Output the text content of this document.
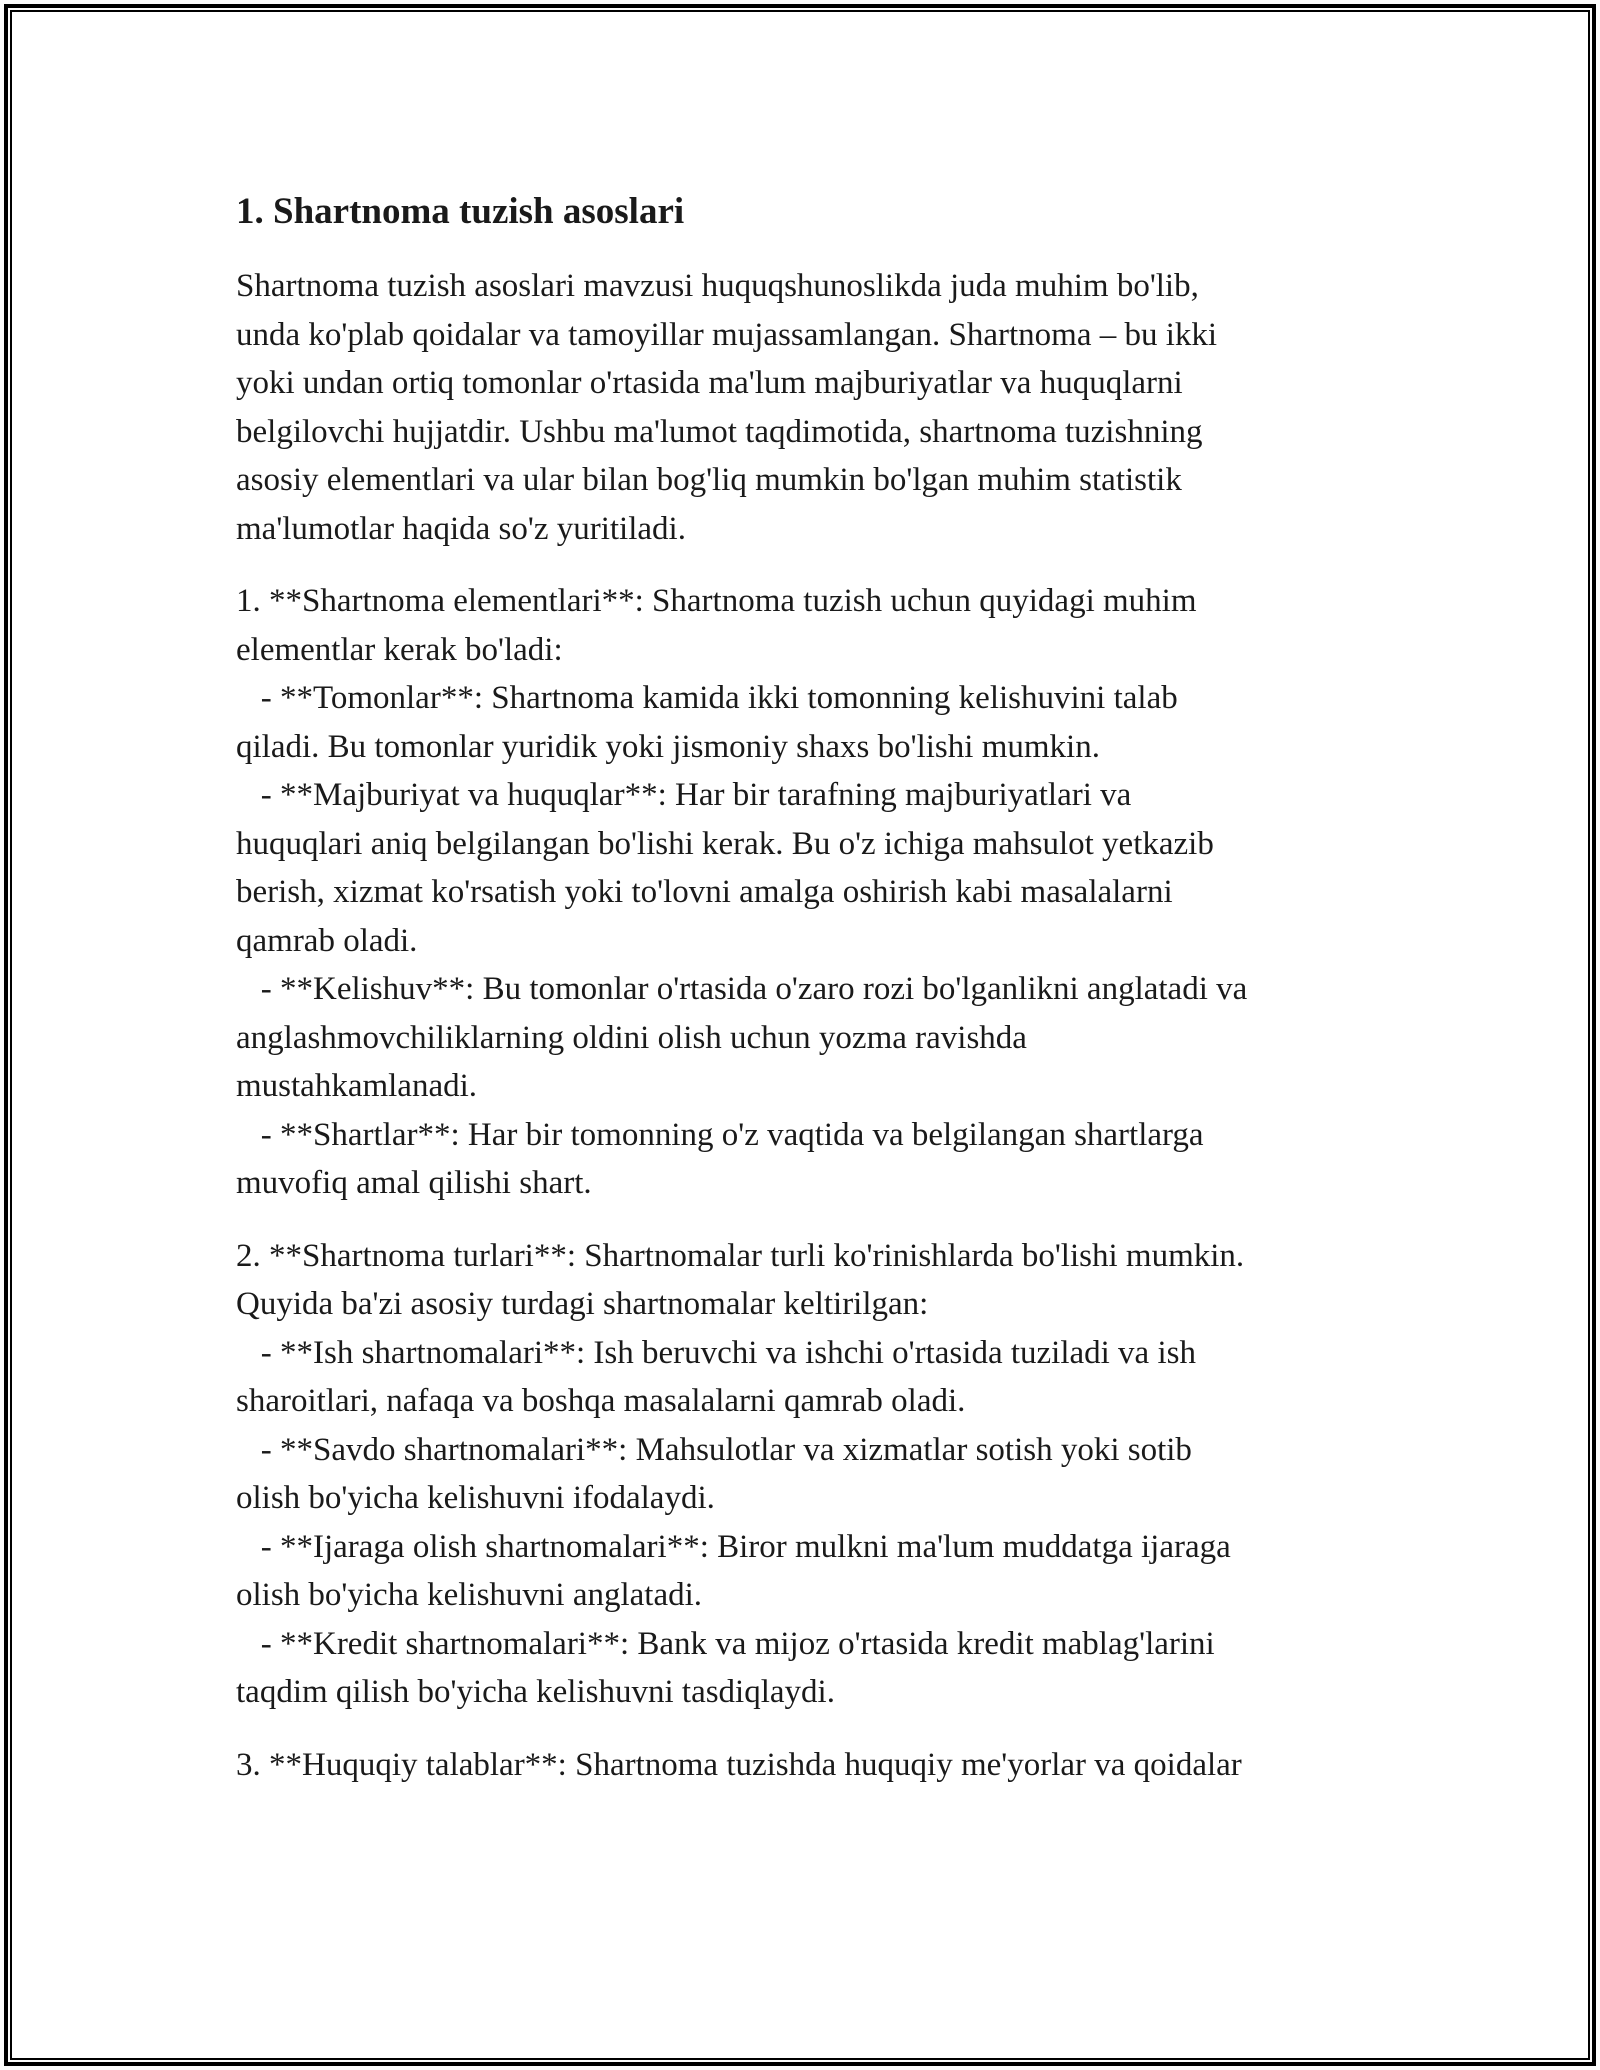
1. Shartnoma tuzish asoslari

Shartnoma tuzish asoslari mavzusi huquqshunoslikda juda muhim bo'lib,
unda ko'plab qoidalar va tamoyillar mujassamlangan. Shartnoma – bu ikki
yoki undan ortiq tomonlar o'rtasida ma'lum majburiyatlar va huquqlarni
belgilovchi hujjatdir. Ushbu ma'lumot taqdimotida, shartnoma tuzishning
asosiy elementlari va ular bilan bog'liq mumkin bo'lgan muhim statistik
ma'lumotlar haqida so'z yuritiladi.

1. **Shartnoma elementlari**: Shartnoma tuzish uchun quyidagi muhim
elementlar kerak bo'ladi:
- **Tomonlar**: Shartnoma kamida ikki tomonning kelishuvini talab
qiladi. Bu tomonlar yuridik yoki jismoniy shaxs bo'lishi mumkin.
- **Majburiyat va huquqlar**: Har bir tarafning majburiyatlari va
huquqlari aniq belgilangan bo'lishi kerak. Bu o'z ichiga mahsulot yetkazib
berish, xizmat ko'rsatish yoki to'lovni amalga oshirish kabi masalalarni
qamrab oladi.
- **Kelishuv**: Bu tomonlar o'rtasida o'zaro rozi bo'lganlikni anglatadi va
anglashmovchiliklarning oldini olish uchun yozma ravishda
mustahkamlanadi.
- **Shartlar**: Har bir tomonning o'z vaqtida va belgilangan shartlarga
muvofiq amal qilishi shart.

2. **Shartnoma turlari**: Shartnomalar turli ko'rinishlarda bo'lishi mumkin.
Quyida ba'zi asosiy turdagi shartnomalar keltirilgan:
- **Ish shartnomalari**: Ish beruvchi va ishchi o'rtasida tuziladi va ish
sharoitlari, nafaqa va boshqa masalalarni qamrab oladi.
- **Savdo shartnomalari**: Mahsulotlar va xizmatlar sotish yoki sotib
olish bo'yicha kelishuvni ifodalaydi.
- **Ijaraga olish shartnomalari**: Biror mulkni ma'lum muddatga ijaraga
olish bo'yicha kelishuvni anglatadi.
- **Kredit shartnomalari**: Bank va mijoz o'rtasida kredit mablag'larini
taqdim qilish bo'yicha kelishuvni tasdiqlaydi.

3. **Huquqiy talablar**: Shartnoma tuzishda huquqiy me'yorlar va qoidalar
